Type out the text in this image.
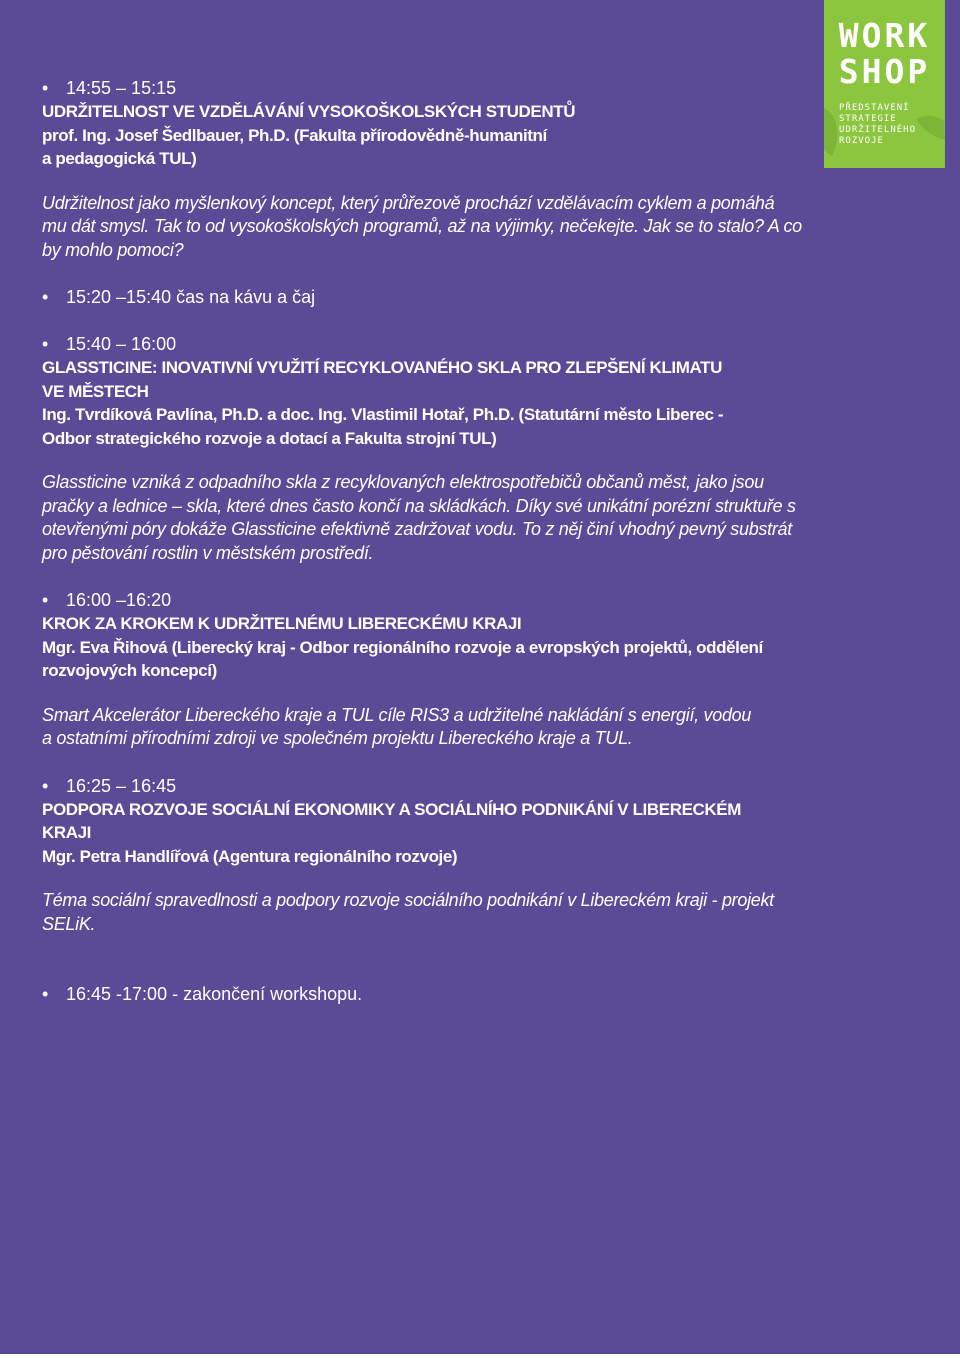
WORK
SHOP
PŘEDSTAVENÍ
STRATEGIE
UDRŽITELNÉHO
ROZVOJE

• 14:55 – 15:15

UDRŽITELNOST VE VZDĚLÁVÁNÍ VYSOKOŠKOLSKÝCH STUDENTŮ

prof. Ing. Josef Šedlbauer, Ph.D. (Fakulta přírodovědně-humanitní

a pedagogická TUL)

Udržitelnost jako myšlenkový koncept, který průřezově prochází vzdělávacím cyklem a pomáhá

mu dát smysl. Tak to od vysokoškolských programů, až na výjimky, nečekejte. Jak se to stalo? A co

by mohlo pomoci?

• 15:20 –15:40 čas na kávu a čaj

• 15:40 – 16:00

GLASSTICINE: INOVATIVNÍ VYUŽITÍ RECYKLOVANÉHO SKLA PRO ZLEPŠENÍ KLIMATU

VE MĚSTECH

Ing. Tvrdíková Pavlína, Ph.D. a doc. Ing. Vlastimil Hotař, Ph.D. (Statutární město Liberec -

Odbor strategického rozvoje a dotací a Fakulta strojní TUL)

Glassticine vzniká z odpadního skla z recyklovaných elektrospotřebičů občanů měst, jako jsou

pračky a lednice – skla, které dnes často končí na skládkách. Díky své unikátní porézní struktuře s

otevřenými póry dokáže Glassticine efektivně zadržovat vodu. To z něj činí vhodný pevný substrát

pro pěstování rostlin v městském prostředí.

• 16:00 –16:20

KROK ZA KROKEM K UDRŽITELNÉMU LIBERECKÉMU KRAJI

Mgr. Eva Řihová (Liberecký kraj - Odbor regionálního rozvoje a evropských projektů, oddělení

rozvojových koncepcí)

Smart Akcelerátor Libereckého kraje a TUL cíle RIS3 a udržitelné nakládání s energií, vodou

a ostatními přírodními zdroji ve společném projektu Libereckého kraje a TUL.

• 16:25 – 16:45

PODPORA ROZVOJE SOCIÁLNÍ EKONOMIKY A SOCIÁLNÍHO PODNIKÁNÍ V LIBERECKÉM

KRAJI

Mgr. Petra Handlířová (Agentura regionálního rozvoje)

Téma sociální spravedlnosti a podpory rozvoje sociálního podnikání v Libereckém kraji - projekt

SELiK.

• 16:45 -17:00 - zakončení workshopu.
